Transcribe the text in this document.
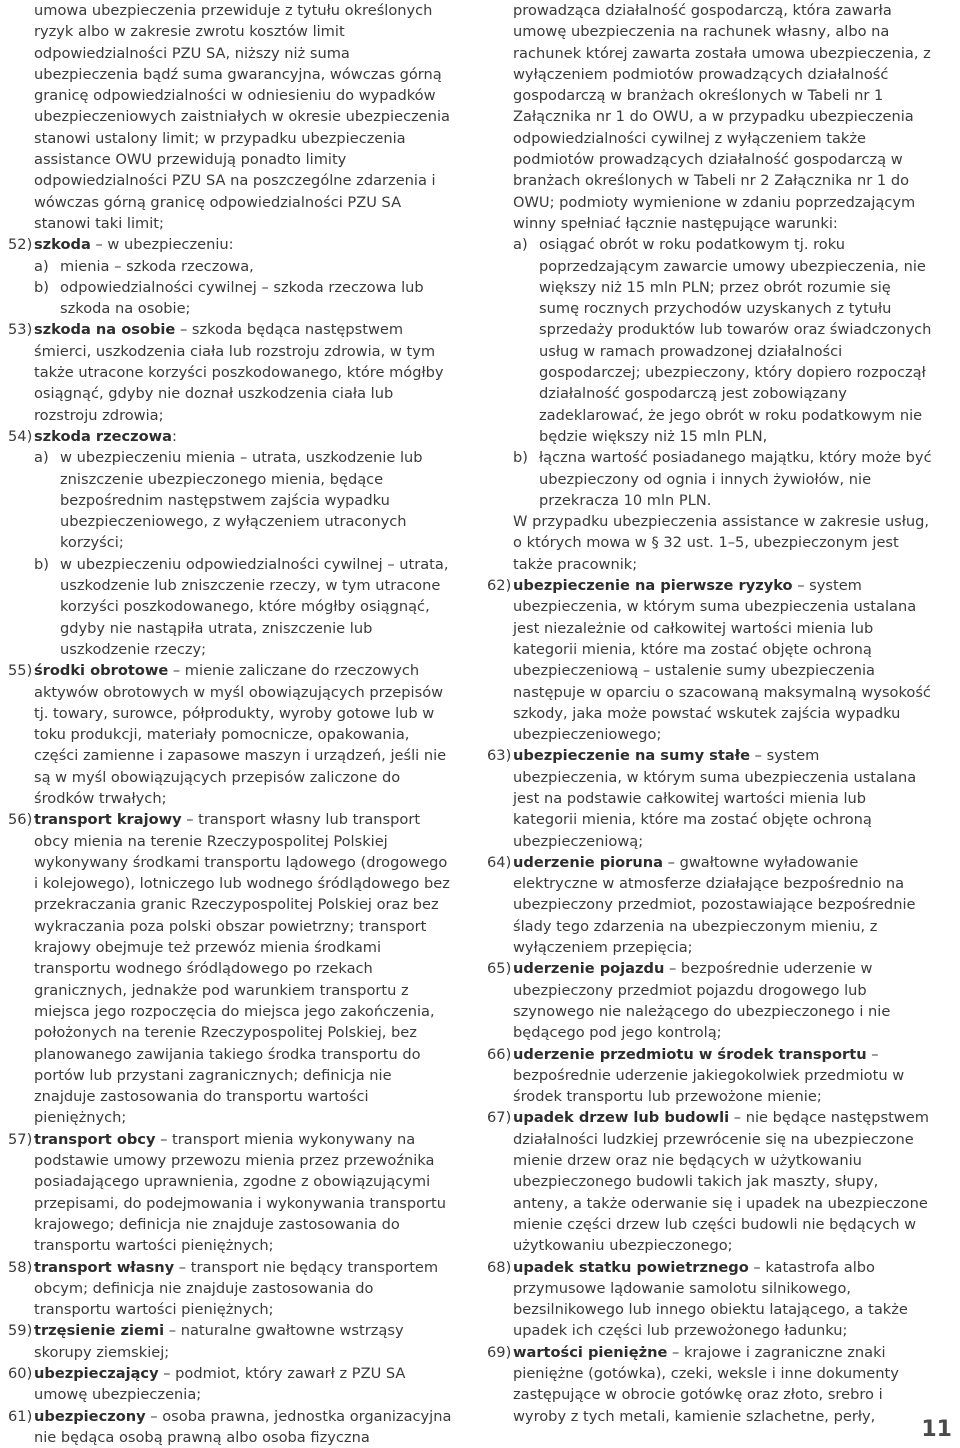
umowa ubezpieczenia przewiduje z tytułu określonych ryzyk albo w zakresie zwrotu kosztów limit odpowiedzialności PZU SA, niższy niż suma ubezpieczenia bądź suma gwarancyjna, wówczas górną granicę odpowiedzialności w odniesieniu do wypadków ubezpieczeniowych zaistniałych w okresie ubezpieczenia stanowi ustalony limit; w przypadku ubezpieczenia assistance OWU przewidują ponadto limity odpowiedzialności PZU SA na poszczególne zdarzenia i wówczas górną granicę odpowiedzialności PZU SA stanowi taki limit;

52) szkoda – w ubezpieczeniu:
a) mienia – szkoda rzeczowa,
b) odpowiedzialności cywilnej – szkoda rzeczowa lub szkoda na osobie;
53) szkoda na osobie – szkoda będąca następstwem śmierci, uszkodzenia ciała lub rozstroju zdrowia, w tym także utracone korzyści poszkodowanego, które mógłby osiągnąć, gdyby nie doznał uszkodzenia ciała lub rozstroju zdrowia;

54) szkoda rzeczowa:
a) w ubezpieczeniu mienia – utrata, uszkodzenie lub zniszczenie ubezpieczonego mienia, będące bezpośrednim następstwem zajścia wypadku ubezpieczeniowego, z wyłączeniem utraconych korzyści;
b) w ubezpieczeniu odpowiedzialności cywilnej – utrata, uszkodzenie lub zniszczenie rzeczy, w tym utracone korzyści poszkodowanego, które mógłby osiągnąć, gdyby nie nastąpiła utrata, zniszczenie lub uszkodzenie rzeczy;
55) środki obrotowe – mienie zaliczane do rzeczowych aktywów obrotowych w myśl obowiązujących przepisów tj. towary, surowce, półprodukty, wyroby gotowe lub w toku produkcji, materiały pomocnicze, opakowania, części zamienne i zapasowe maszyn i urządzeń, jeśli nie są w myśl obowiązujących przepisów zaliczone do środków trwałych;

56) transport krajowy – transport własny lub transport obcy mienia na terenie Rzeczypospolitej Polskiej wykonywany środkami transportu lądowego (drogowego i kolejowego), lotniczego lub wodnego śródlądowego bez przekraczania granic Rzeczypospolitej Polskiej oraz bez wykraczania poza polski obszar powietrzny; transport krajowy obejmuje też przewóz mienia środkami transportu wodnego śródlądowego po rzekach granicznych, jednakże pod warunkiem transportu z miejsca jego rozpoczęcia do miejsca jego zakończenia, położonych na terenie Rzeczypospolitej Polskiej, bez planowanego zawijania takiego środka transportu do portów lub przystani zagranicznych; definicja nie znajduje zastosowania do transportu wartości pieniężnych;

57) transport obcy – transport mienia wykonywany na podstawie umowy przewozu mienia przez przewoźnika posiadającego uprawnienia, zgodne z obowiązującymi przepisami, do podejmowania i wykonywania transportu krajowego; definicja nie znajduje zastosowania do transportu wartości pieniężnych;

58) transport własny – transport nie będący transportem obcym; definicja nie znajduje zastosowania do transportu wartości pieniężnych;

59) trzęsienie ziemi – naturalne gwałtowne wstrząsy skorupy ziemskiej;

60) ubezpieczający – podmiot, który zawarł z PZU SA umowę ubezpieczenia;

61) ubezpieczony – osoba prawna, jednostka organizacyjna nie będąca osobą prawną albo osoba fizyczna

prowadząca działalność gospodarczą, która zawarła umowę ubezpieczenia na rachunek własny, albo na rachunek której zawarta została umowa ubezpieczenia, z wyłączeniem podmiotów prowadzących działalność gospodarczą w branżach określonych w Tabeli nr 1 Załącznika nr 1 do OWU, a w przypadku ubezpieczenia odpowiedzialności cywilnej z wyłączeniem także podmiotów prowadzących działalność gospodarczą w branżach określonych w Tabeli nr 2 Załącznika nr 1 do OWU; podmioty wymienione w zdaniu poprzedzającym winny spełniać łącznie następujące warunki:

a) osiągać obrót w roku podatkowym tj. roku poprzedzającym zawarcie umowy ubezpieczenia, nie większy niż 15 mln PLN; przez obrót rozumie się sumę rocznych przychodów uzyskanych z tytułu sprzedaży produktów lub towarów oraz świadczonych usług w ramach prowadzonej działalności gospodarczej; ubezpieczony, który dopiero rozpoczął działalność gospodarczą jest zobowiązany zadeklarować, że jego obrót w roku podatkowym nie będzie większy niż 15 mln PLN,
b) łączna wartość posiadanego majątku, który może być ubezpieczony od ognia i innych żywiołów, nie przekracza 10 mln PLN.

W przypadku ubezpieczenia assistance w zakresie usług, o których mowa w § 32 ust. 1–5, ubezpieczonym jest także pracownik;

62) ubezpieczenie na pierwsze ryzyko – system ubezpieczenia, w którym suma ubezpieczenia ustalana jest niezależnie od całkowitej wartości mienia lub kategorii mienia, które ma zostać objęte ochroną ubezpieczeniową – ustalenie sumy ubezpieczenia następuje w oparciu o szacowaną maksymalną wysokość szkody, jaka może powstać wskutek zajścia wypadku ubezpieczeniowego;

63) ubezpieczenie na sumy stałe – system ubezpieczenia, w którym suma ubezpieczenia ustalana jest na podstawie całkowitej wartości mienia lub kategorii mienia, które ma zostać objęte ochroną ubezpieczeniową;

64) uderzenie pioruna – gwałtowne wyładowanie elektryczne w atmosferze działające bezpośrednio na ubezpieczony przedmiot, pozostawiające bezpośrednie ślady tego zdarzenia na ubezpieczonym mieniu, z wyłączeniem przepięcia;

65) uderzenie pojazdu – bezpośrednie uderzenie w ubezpieczony przedmiot pojazdu drogowego lub szynowego nie należącego do ubezpieczonego i nie będącego pod jego kontrolą;

66) uderzenie przedmiotu w środek transportu – bezpośrednie uderzenie jakiegokolwiek przedmiotu w środek transportu lub przewożone mienie;

67) upadek drzew lub budowli – nie będące następstwem działalności ludzkiej przewrócenie się na ubezpieczone mienie drzew oraz nie będących w użytkowaniu ubezpieczonego budowli takich jak maszty, słupy, anteny, a także oderwanie się i upadek na ubezpieczone mienie części drzew lub części budowli nie będących w użytkowaniu ubezpieczonego;

68) upadek statku powietrznego – katastrofa albo przymusowe lądowanie samolotu silnikowego, bezsilnikowego lub innego obiektu latającego, a także upadek ich części lub przewożonego ładunku;

69) wartości pieniężne – krajowe i zagraniczne znaki pieniężne (gotówka), czeki, weksle i inne dokumenty zastępujące w obrocie gotówkę oraz złoto, srebro i wyroby z tych metali, kamienie szlachetne, perły,

11
